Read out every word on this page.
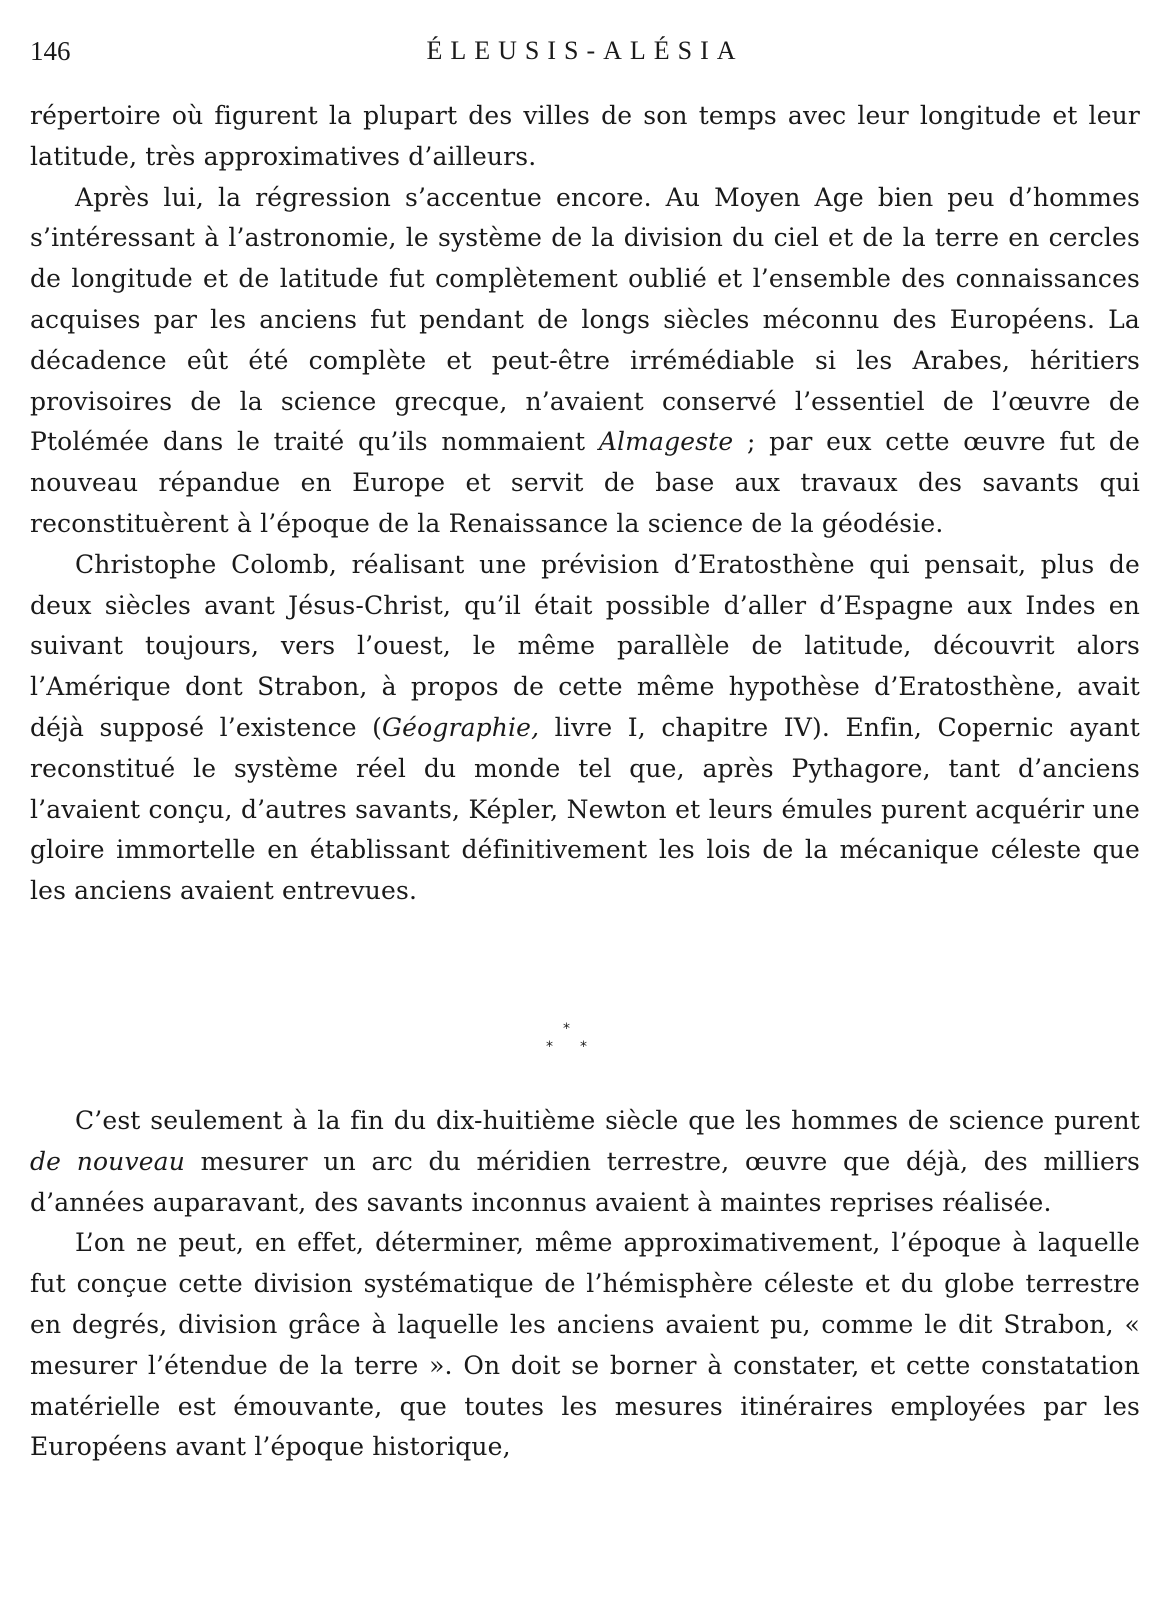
146	ÉLEUSIS-ALÉSIA

répertoire où figurent la plupart des villes de son temps avec leur longitude et leur latitude, très approximatives d’ailleurs.

Après lui, la régression s’accentue encore. Au Moyen Age bien peu d’hommes s’intéressant à l’astronomie, le système de la division du ciel et de la terre en cercles de longitude et de latitude fut complètement oublié et l’ensemble des connaissances acquises par les anciens fut pendant de longs siècles méconnu des Européens. La décadence eût été complète et peut-être irrémédiable si les Arabes, héritiers provisoires de la science grecque, n’avaient conservé l’essentiel de l’œuvre de Ptolémée dans le traité qu’ils nommaient Almageste ; par eux cette œuvre fut de nouveau répandue en Europe et servit de base aux travaux des savants qui reconstituèrent à l’époque de la Renaissance la science de la géodésie.

Christophe Colomb, réalisant une prévision d’Eratosthène qui pensait, plus de deux siècles avant Jésus-Christ, qu’il était possible d’aller d’Espagne aux Indes en suivant toujours, vers l’ouest, le même parallèle de latitude, découvrit alors l’Amérique dont Strabon, à propos de cette même hypothèse d’Eratosthène, avait déjà supposé l’existence (Géographie, livre I, chapitre IV). Enfin, Copernic ayant reconstitué le système réel du monde tel que, après Pythagore, tant d’anciens l’avaient conçu, d’autres savants, Képler, Newton et leurs émules purent acquérir une gloire immortelle en établissant définitivement les lois de la mécanique céleste que les anciens avaient entrevues.

*
* *

C’est seulement à la fin du dix-huitième siècle que les hommes de science purent de nouveau mesurer un arc du méridien terrestre, œuvre que déjà, des milliers d’années auparavant, des savants inconnus avaient à maintes reprises réalisée.

L’on ne peut, en effet, déterminer, même approximativement, l’époque à laquelle fut conçue cette division systématique de l’hémisphère céleste et du globe terrestre en degrés, division grâce à laquelle les anciens avaient pu, comme le dit Strabon, « mesurer l’étendue de la terre ». On doit se borner à constater, et cette constatation matérielle est émouvante, que toutes les mesures itinéraires employées par les Européens avant l’époque historique,
